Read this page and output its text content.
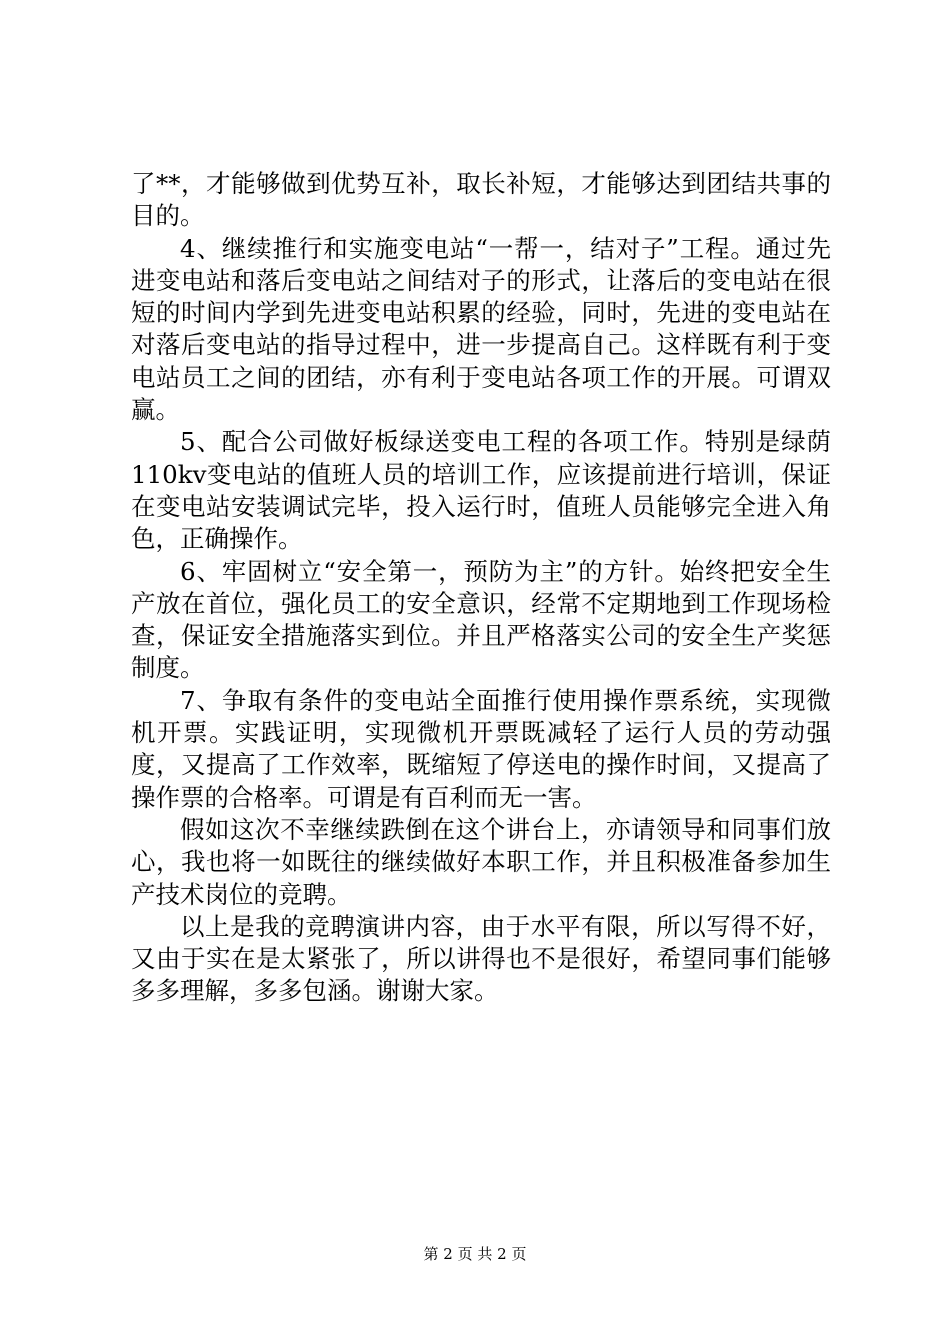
了**，才能够做到优势互补，取长补短，才能够达到团结共事的目的。

4、继续推行和实施变电站“一帮一，结对子”工程。通过先进变电站和落后变电站之间结对子的形式，让落后的变电站在很短的时间内学到先进变电站积累的经验，同时，先进的变电站在对落后变电站的指导过程中，进一步提高自己。这样既有利于变电站员工之间的团结，亦有利于变电站各项工作的开展。可谓双赢。

5、配合公司做好板绿送变电工程的各项工作。特别是绿荫110kv变电站的值班人员的培训工作，应该提前进行培训，保证在变电站安装调试完毕，投入运行时，值班人员能够完全进入角色，正确操作。

6、牢固树立“安全第一，预防为主”的方针。始终把安全生产放在首位，强化员工的安全意识，经常不定期地到工作现场检查，保证安全措施落实到位。并且严格落实公司的安全生产奖惩制度。

7、争取有条件的变电站全面推行使用操作票系统，实现微机开票。实践证明，实现微机开票既减轻了运行人员的劳动强度，又提高了工作效率，既缩短了停送电的操作时间，又提高了操作票的合格率。可谓是有百利而无一害。

假如这次不幸继续跌倒在这个讲台上，亦请领导和同事们放心，我也将一如既往的继续做好本职工作，并且积极准备参加生产技术岗位的竞聘。

以上是我的竞聘演讲内容，由于水平有限，所以写得不好，又由于实在是太紧张了，所以讲得也不是很好，希望同事们能够多多理解，多多包涵。谢谢大家。

第 2 页 共 2 页
